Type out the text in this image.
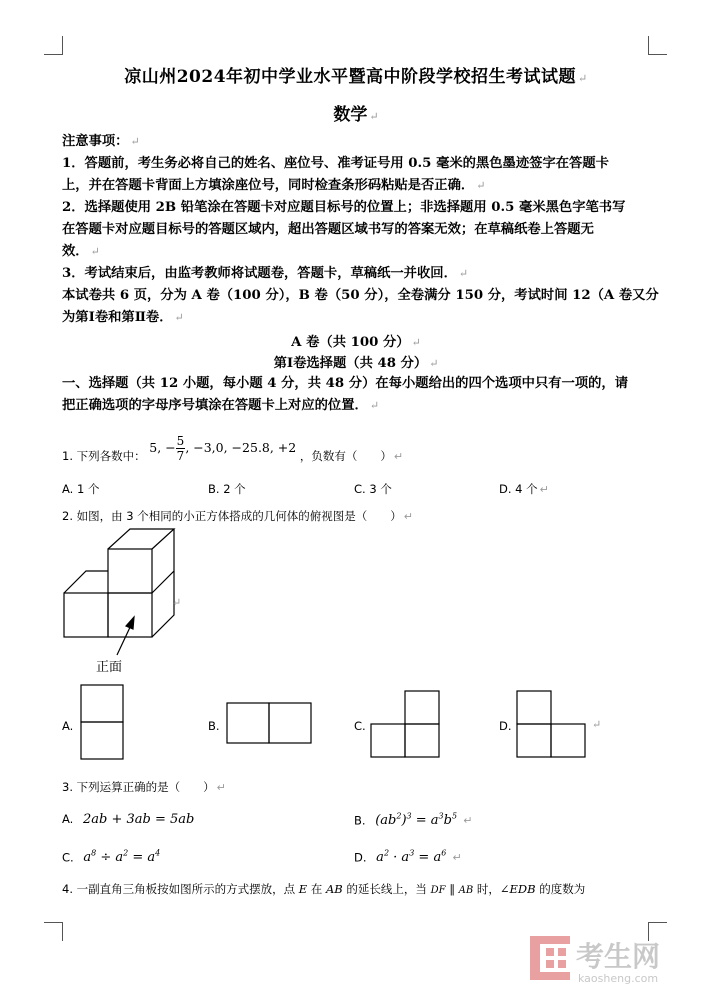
凉山州2024年初中学业水平暨高中阶段学校招生考试试题 ↵
数学 ↵
注意事项： ↵
1．答题前，考生务必将自己的姓名、座位号、准考证号用 0.5 毫米的黑色墨迹签字在答题卡
上，并在答题卡背面上方填涂座位号，同时检查条形码粘贴是否正确． ↵
2．选择题使用 2B 铅笔涂在答题卡对应题目标号的位置上；非选择题用 0.5 毫米黑色字笔书写
在答题卡对应题目标号的答题区域内，超出答题区域书写的答案无效；在草稿纸卷上答题无
效． ↵
3．考试结束后，由监考教师将试题卷，答题卡，草稿纸一并收回． ↵
本试卷共 6 页，分为 A 卷（100 分），B 卷（50 分），全卷满分 150 分，考试时间 12（A 卷又分
为第Ⅰ卷和第Ⅱ卷． ↵
A 卷（共 100 分） ↵
第Ⅰ卷选择题（共 48 分） ↵
一、选择题（共 12 小题，每小题 4 分，共 48 分）在每小题给出的四个选项中只有一项的，请
把正确选项的字母序号填涂在答题卡上对应的位置． ↵
1. 下列各数中： 5, − $\frac{5}{7}$ , −3,0, −25.8, +2 ，负数有（　　） ↵
A. 1 个	B. 2 个	C. 3 个	D. 4 个 ↵
2. 如图，由 3 个相同的小正方体搭成的几何体的俯视图是（　　） ↵
正面
↵
A.	B.	C.	D.	↵
3. 下列运算正确的是（　　） ↵
A. 2ab + 3ab = 5ab	B. $(ab^2)^3 = a^3b^5$ ↵
C. $a^8 \div a^2 = a^4$	D. $a^2 \cdot a^3 = a^6$ ↵
4. 一副直角三角板按如图所示的方式摆放，点 E 在 AB 的延长线上，当 DF ∥ AB 时，∠EDB 的度数为
考生网
kaosheng.com
